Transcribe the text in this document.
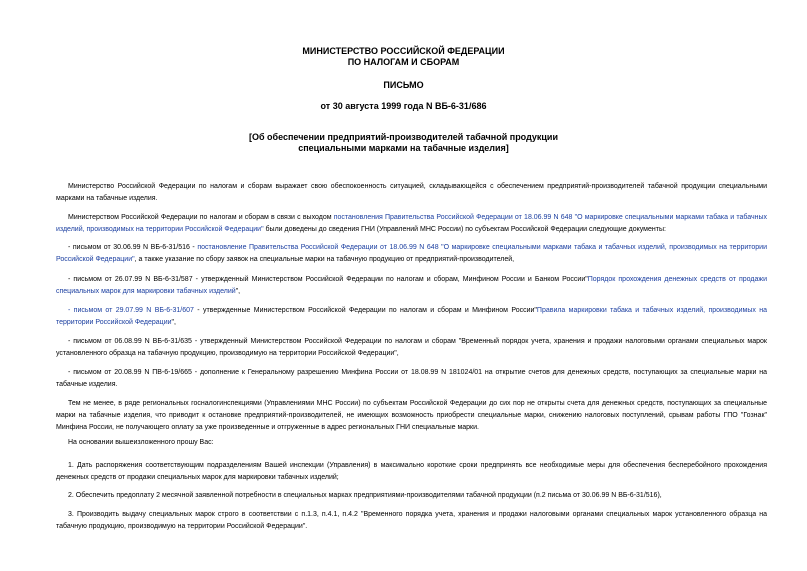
МИНИСТЕРСТВО РОССИЙСКОЙ ФЕДЕРАЦИИ
ПО НАЛОГАМ И СБОРАМ
ПИСЬМО
от 30 августа 1999 года N ВБ-6-31/686
[Об обеспечении предприятий-производителей табачной продукции
специальными марками на табачные изделия]
Министерство Российской Федерации по налогам и сборам выражает свою обеспокоенность ситуацией, складывающейся с обеспечением предприятий-производителей табачной продукции специальными марками на табачные изделия.
Министерством Российской Федерации по налогам и сборам в связи с выходом постановления Правительства Российской Федерации от 18.06.99 N 648 "О маркировке специальными марками табака и табачных изделий, производимых на территории Российской Федерации" были доведены до сведения ГНИ (Управлений МНС России) по субъектам Российской Федерации следующие документы:
- письмом от 30.06.99 N ВБ-6-31/516 - постановление Правительства Российской Федерации от 18.06.99 N 648 "О маркировке специальными марками табака и табачных изделий, производимых на территории Российской Федерации", а также указание по сбору заявок на специальные марки на табачную продукцию от предприятий-производителей,
- письмом от 26.07.99 N ВБ-6-31/587 - утвержденный Министерством Российской Федерации по налогам и сборам, Минфином России и Банком России"Порядок прохождения денежных средств от продажи специальных марок для маркировки табачных изделий",
- письмом от 29.07.99 N ВБ-6-31/607 - утвержденные Министерством Российской Федерации по налогам и сборам и Минфином России"Правила маркировки табака и табачных изделий, производимых на территории Российской Федерации",
- письмом от 06.08.99 N ВБ-6-31/635 - утвержденный Министерством Российской Федерации по налогам и сборам "Временный порядок учета, хранения и продажи налоговыми органами специальных марок установленного образца на табачную продукцию, производимую на территории Российской Федерации",
- письмом от 20.08.99 N ПВ-6-19/665 - дополнение к Генеральному разрешению Минфина России от 18.08.99 N 181024/01 на открытие счетов для денежных средств, поступающих за специальные марки на табачные изделия.
Тем не менее, в ряде региональных госналогинспекциями (Управлениями МНС России) по субъектам Российской Федерации до сих пор не открыты счета для денежных средств, поступающих за специальные марки на табачные изделия, что приводит к остановке предприятий-производителей, не имеющих возможность приобрести специальные марки, снижению налоговых поступлений, срывам работы ГПО "Гознак" Минфина России, не получающего оплату за уже произведенные и отгруженные в адрес региональных ГНИ специальные марки.
На основании вышеизложенного прошу Вас:
1. Дать распоряжения соответствующим подразделениям Вашей инспекции (Управления) в максимально короткие сроки предпринять все необходимые меры для обеспечения бесперебойного прохождения денежных средств от продажи специальных марок для маркировки табачных изделий;
2. Обеспечить предоплату 2 месячной заявленной потребности в специальных марках предприятиями-производителями табачной продукции (п.2 письма от 30.06.99 N ВБ-6-31/516),
3. Производить выдачу специальных марок строго в соответствии с п.1.3, п.4.1, п.4.2 "Временного порядка учета, хранения и продажи налоговыми органами специальных марок установленного образца на табачную продукцию, производимую на территории Российской Федерации".
